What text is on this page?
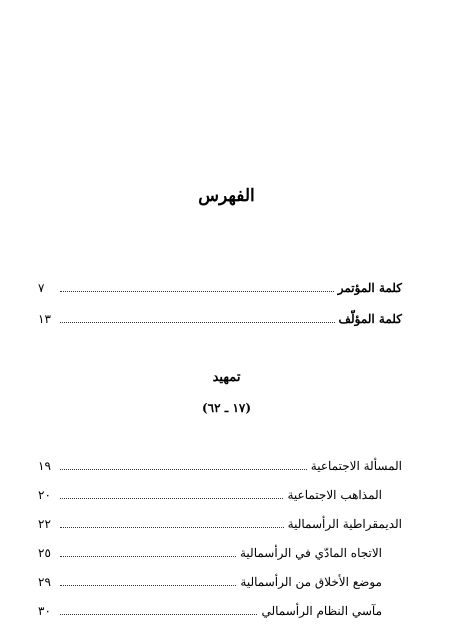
الفهرس
كلمة المؤتمر
٧
كلمة المؤلّف
١٣
تمهيد
(١٧ ـ ٦٢)
المسألة الاجتماعية
١٩
المذاهب الاجتماعية
٢٠
الديمقراطية الرأسمالية
٢٢
الاتجاه المادّي في الرأسمالية
٢٥
موضع الأخلاق من الرأسمالية
٢٩
مآسي النظام الرأسمالي
٣٠
